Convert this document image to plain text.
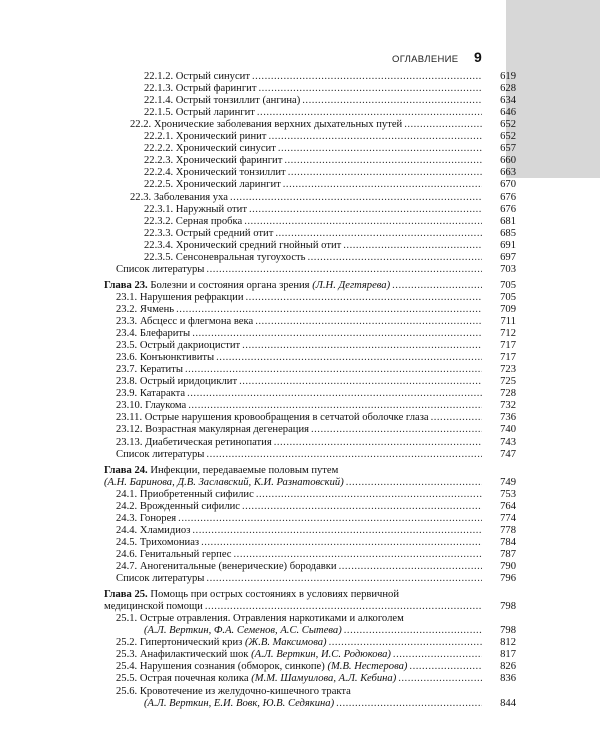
ОГЛАВЛЕНИЕ 9
619
22.1.2. Острый синусит
.....
628
22.1.3. Острый фарингит
.....
634
22.1.4. Острый тонзиллит (ангина)
.....
646
22.1.5. Острый ларингит
.....
652
22.2. Хронические заболевания верхних дыхательных путей
.....
652
22.2.1. Хронический ринит
.....
657
22.2.2. Хронический синусит
.....
660
22.2.3. Хронический фарингит
.....
663
22.2.4. Хронический тонзиллит
.....
670
22.2.5. Хронический ларингит
.....
676
22.3. Заболевания уха
.....
676
22.3.1. Наружный отит
.....
681
22.3.2. Серная пробка
.....
685
22.3.3. Острый средний отит
.....
691
22.3.4. Хронический средний гнойный отит
.....
697
22.3.5. Сенсоневральная тугоухость
.....
703
Список литературы
.....
705
Глава 23. Болезни и состояния органа зрения (Л.Н. Дегтярева)
.....
705
23.1. Нарушения рефракции
.....
709
23.2. Ячмень
.....
711
23.3. Абсцесс и флегмона века
.....
712
23.4. Блефариты
.....
717
23.5. Острый дакриоцистит
.....
717
23.6. Конъюнктивиты
.....
723
23.7. Кератиты
.....
725
23.8. Острый иридоциклит
.....
728
23.9. Катаракта
.....
732
23.10. Глаукома
.....
736
23.11. Острые нарушения кровообращения в сетчатой оболочке глаза
.....
740
23.12. Возрастная макулярная дегенерация
.....
743
23.13. Диабетическая ретинопатия
.....
747
Список литературы
.....
Глава 24. Инфекции, передаваемые половым путем
749
(А.Н. Баринова, Д.В. Заславский, К.И. Разнатовский)
.....
753
24.1. Приобретенный сифилис
.....
764
24.2. Врожденный сифилис
.....
774
24.3. Гонорея
.....
778
24.4. Хламидиоз
.....
784
24.5. Трихомониаз
.....
787
24.6. Генитальный герпес
.....
790
24.7. Аногенитальные (венерические) бородавки
.....
796
Список литературы
.....
Глава 25. Помощь при острых состояниях в условиях первичной
798
медицинской помощи
.....
25.1. Острые отравления. Отравления наркотиками и алкоголем
798
(А.Л. Верткин, Ф.А. Семенов, А.С. Сытева)
.....
812
25.2. Гипертонический криз (Ж.В. Максимова)
.....
817
25.3. Анафилактический шок (А.Л. Верткин, И.С. Родюкова)
.....
826
25.4. Нарушения сознания (обморок, синкопе) (М.В. Нестерова)
.....
836
25.5. Острая почечная колика (М.М. Шамуилова, А.Л. Кебина)
.....
25.6. Кровотечение из желудочно-кишечного тракта
844
(А.Л. Верткин, Е.И. Вовк, Ю.В. Седякина)
.....
